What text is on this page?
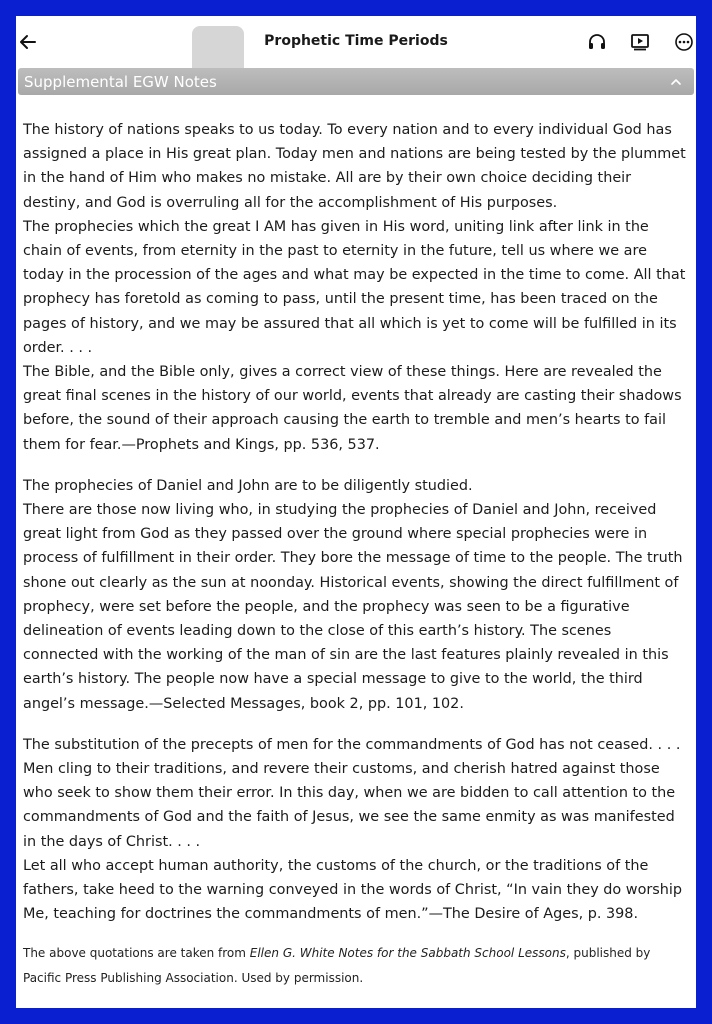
Prophetic Time Periods
Supplemental EGW Notes

The history of nations speaks to us today. To every nation and to every individual God has assigned a place in His great plan. Today men and nations are being tested by the plummet in the hand of Him who makes no mistake. All are by their own choice deciding their destiny, and God is overruling all for the accomplishment of His purposes.

The prophecies which the great I AM has given in His word, uniting link after link in the chain of events, from eternity in the past to eternity in the future, tell us where we are today in the procession of the ages and what may be expected in the time to come. All that prophecy has foretold as coming to pass, until the present time, has been traced on the pages of history, and we may be assured that all which is yet to come will be fulfilled in its order. . . .

The Bible, and the Bible only, gives a correct view of these things. Here are revealed the great final scenes in the history of our world, events that already are casting their shadows before, the sound of their approach causing the earth to tremble and men’s hearts to fail them for fear.—Prophets and Kings, pp. 536, 537.

The prophecies of Daniel and John are to be diligently studied.

There are those now living who, in studying the prophecies of Daniel and John, received great light from God as they passed over the ground where special prophecies were in process of fulfillment in their order. They bore the message of time to the people. The truth shone out clearly as the sun at noonday. Historical events, showing the direct fulfillment of prophecy, were set before the people, and the prophecy was seen to be a figurative delineation of events leading down to the close of this earth’s history. The scenes connected with the working of the man of sin are the last features plainly revealed in this earth’s history. The people now have a special message to give to the world, the third angel’s message.—Selected Messages, book 2, pp. 101, 102.

The substitution of the precepts of men for the commandments of God has not ceased. . . . Men cling to their traditions, and revere their customs, and cherish hatred against those who seek to show them their error. In this day, when we are bidden to call attention to the commandments of God and the faith of Jesus, we see the same enmity as was manifested in the days of Christ. . . .

Let all who accept human authority, the customs of the church, or the traditions of the fathers, take heed to the warning conveyed in the words of Christ, “In vain they do worship Me, teaching for doctrines the commandments of men.”—The Desire of Ages, p. 398.

The above quotations are taken from Ellen G. White Notes for the Sabbath School Lessons, published by Pacific Press Publishing Association. Used by permission.
